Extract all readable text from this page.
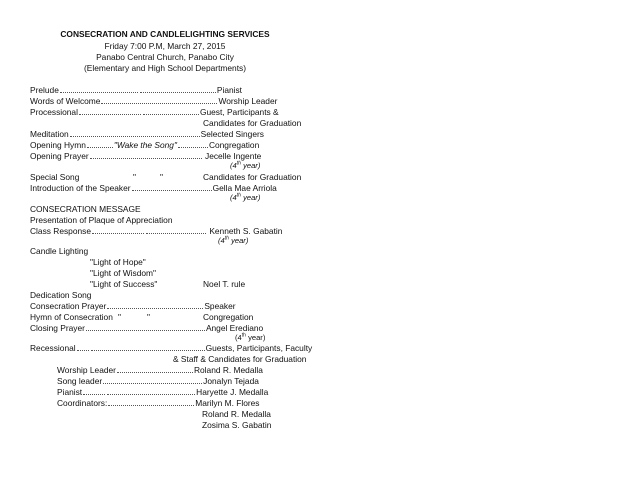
CONSECRATION AND CANDLELIGHTING SERVICES
Friday 7:00 P.M, March 27, 2015
Panabo Central Church, Panabo City
(Elementary and High School Departments)
Prelude	Pianist
Words of Welcome	Worship Leader
Processional	Guest, Participants &
Candidates for Graduation
Meditation	Selected Singers
Opening Hymn	"Wake the Song"	Congregation
Opening Prayer	Jecelle Ingente
(4th year)
Special Song	"	"	Candidates for Graduation
Introduction of the Speaker	Gella Mae Arriola
(4th year)
CONSECRATION MESSAGE
Presentation of Plaque of Appreciation
Class Response	Kenneth S. Gabatin
(4th year)
Candle Lighting
"Light of Hope"
"Light of Wisdom"
"Light of Success"	Noel T. rule
Dedication Song
Consecration Prayer	Speaker
Hymn of Consecration "	"	Congregation
Closing Prayer	Angel Erediano
(4th year)
Recessional	Guests, Participants, Faculty
& Staff & Candidates for Graduation
Worship Leader	Roland R. Medalla
Song leader	Jonalyn Tejada
Pianist	Haryette J. Medalla
Coordinators:	Marilyn M. Flores
Roland R. Medalla
Zosima S. Gabatin
